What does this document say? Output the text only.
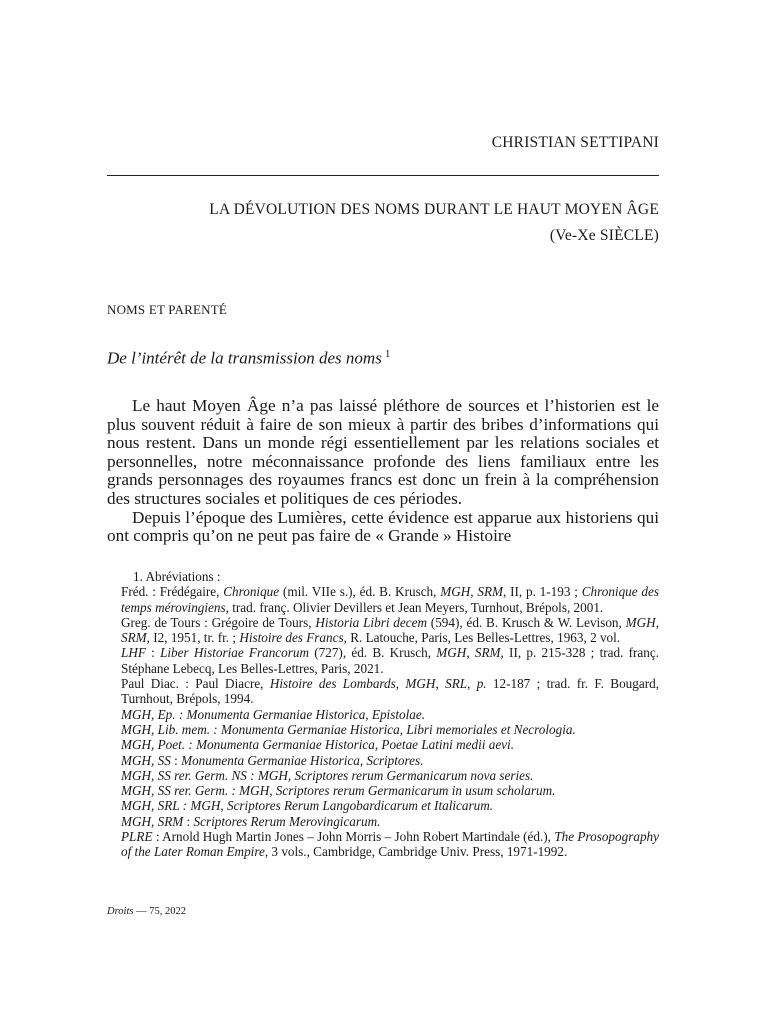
CHRISTIAN SETTIPANI
LA DÉVOLUTION DES NOMS DURANT LE HAUT MOYEN ÂGE
(Ve-Xe SIÈCLE)
NOMS ET PARENTÉ
De l’intérêt de la transmission des noms $^1$

Le haut Moyen Âge n’a pas laissé pléthore de sources et l’historien est le plus souvent réduit à faire de son mieux à partir des bribes d’informations qui nous restent. Dans un monde régi essentiellement par les relations sociales et personnelles, notre méconnaissance profonde des liens familiaux entre les grands personnages des royaumes francs est donc un frein à la compréhension des structures sociales et politiques de ces périodes.

Depuis l’époque des Lumières, cette évidence est apparue aux historiens qui ont compris qu’on ne peut pas faire de « Grande » Histoire

1. Abréviations :

Fréd. : Frédégaire, Chronique (mil. VIIe s.), éd. B. Krusch, MGH, SRM, II, p. 1-193 ; Chronique des temps mérovingiens, trad. franç. Olivier Devillers et Jean Meyers, Turnhout, Brépols, 2001.

Greg. de Tours : Grégoire de Tours, Historia Libri decem (594), éd. B. Krusch & W. Levison, MGH, SRM, I2, 1951, tr. fr. ; Histoire des Francs, R. Latouche, Paris, Les Belles-Lettres, 1963, 2 vol.

LHF : Liber Historiae Francorum (727), éd. B. Krusch, MGH, SRM, II, p. 215-328 ; trad. franç. Stéphane Lebecq, Les Belles-Lettres, Paris, 2021.

Paul Diac. : Paul Diacre, Histoire des Lombards, MGH, SRL, p. 12-187 ; trad. fr. F. Bougard, Turnhout, Brépols, 1994.

MGH, Ep. : Monumenta Germaniae Historica, Epistolae.

MGH, Lib. mem. : Monumenta Germaniae Historica, Libri memoriales et Necrologia.

MGH, Poet. : Monumenta Germaniae Historica, Poetae Latini medii aevi.

MGH, SS : Monumenta Germaniae Historica, Scriptores.

MGH, SS rer. Germ. NS : MGH, Scriptores rerum Germanicarum nova series.

MGH, SS rer. Germ. : MGH, Scriptores rerum Germanicarum in usum scholarum.

MGH, SRL : MGH, Scriptores Rerum Langobardicarum et Italicarum.

MGH, SRM : Scriptores Rerum Merovingicarum.

PLRE : Arnold Hugh Martin Jones – John Morris – John Robert Martindale (éd.), The Prosopography of the Later Roman Empire, 3 vols., Cambridge, Cambridge Univ. Press, 1971-1992.

Droits — 75, 2022
